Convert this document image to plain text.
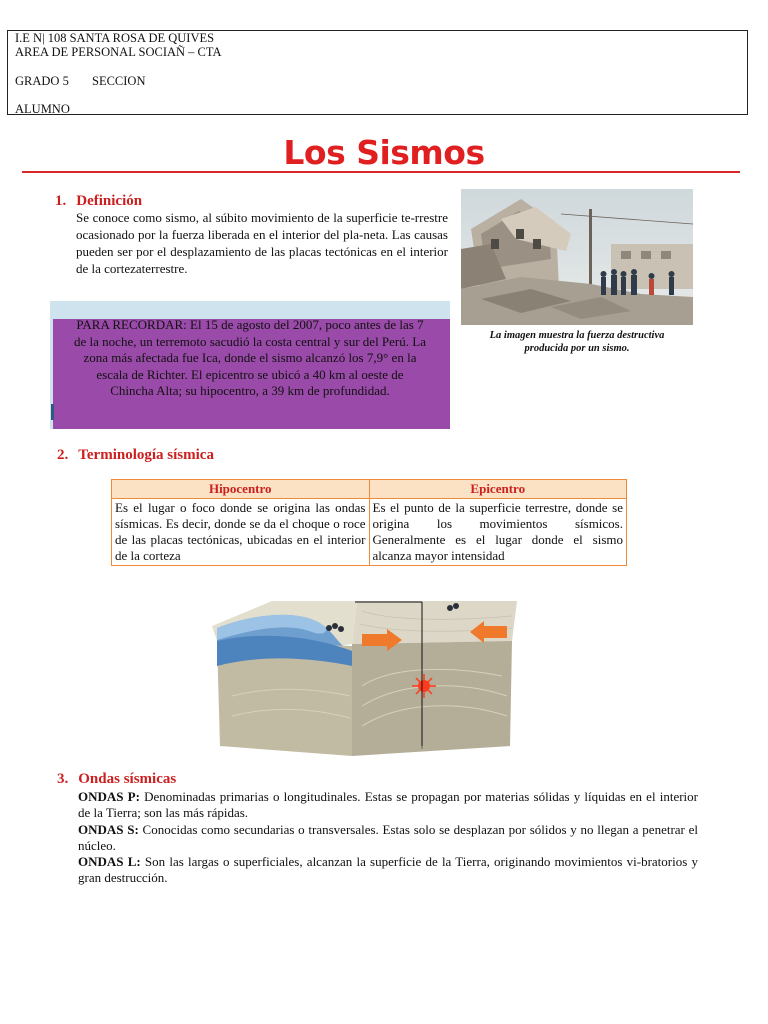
I.E N| 108 SANTA ROSA DE QUIVES
AREA DE PERSONAL SOCIAÑ – CTA
GRADO 5 SECCION
ALUMNO
Los Sismos
1. Definición
Se conoce como sismo, al súbito movimiento de la superficie te-rrestre ocasionado por la fuerza liberada en el interior del pla-neta. Las causas pueden ser por el desplazamiento de las placas tectónicas en el interior de la cortezaterrestre.
La imagen muestra la fuerza destructiva producida por un sismo.
PARA RECORDAR: El 15 de agosto del 2007, poco antes de las 7 de la noche, un terremoto sacudió la costa central y sur del Perú. La zona más afectada fue Ica, donde el sismo alcanzó los 7,9° en la escala de Richter. El epicentro se ubicó a 40 km al oeste de Chincha Alta; su hipocentro, a 39 km de profundidad.
2. Terminología sísmica
Hipocentro	Epicentro
Es el lugar o foco donde se origina las ondas sísmicas. Es decir, donde se da el choque o roce de las placas tectónicas, ubicadas en el interior de la corteza	Es el punto de la superficie terrestre, donde se origina los movimientos sísmicos. Generalmente es el lugar donde el sismo alcanza mayor intensidad
3. Ondas sísmicas

ONDAS P: Denominadas primarias o longitudinales. Estas se propagan por materias sólidas y líquidas en el interior de la Tierra; son las más rápidas.

ONDAS S: Conocidas como secundarias o transversales. Estas solo se desplazan por sólidos y no llegan a penetrar el núcleo.

ONDAS L: Son las largas o superficiales, alcanzan la superficie de la Tierra, originando movimientos vi-bratorios y gran destrucción.
